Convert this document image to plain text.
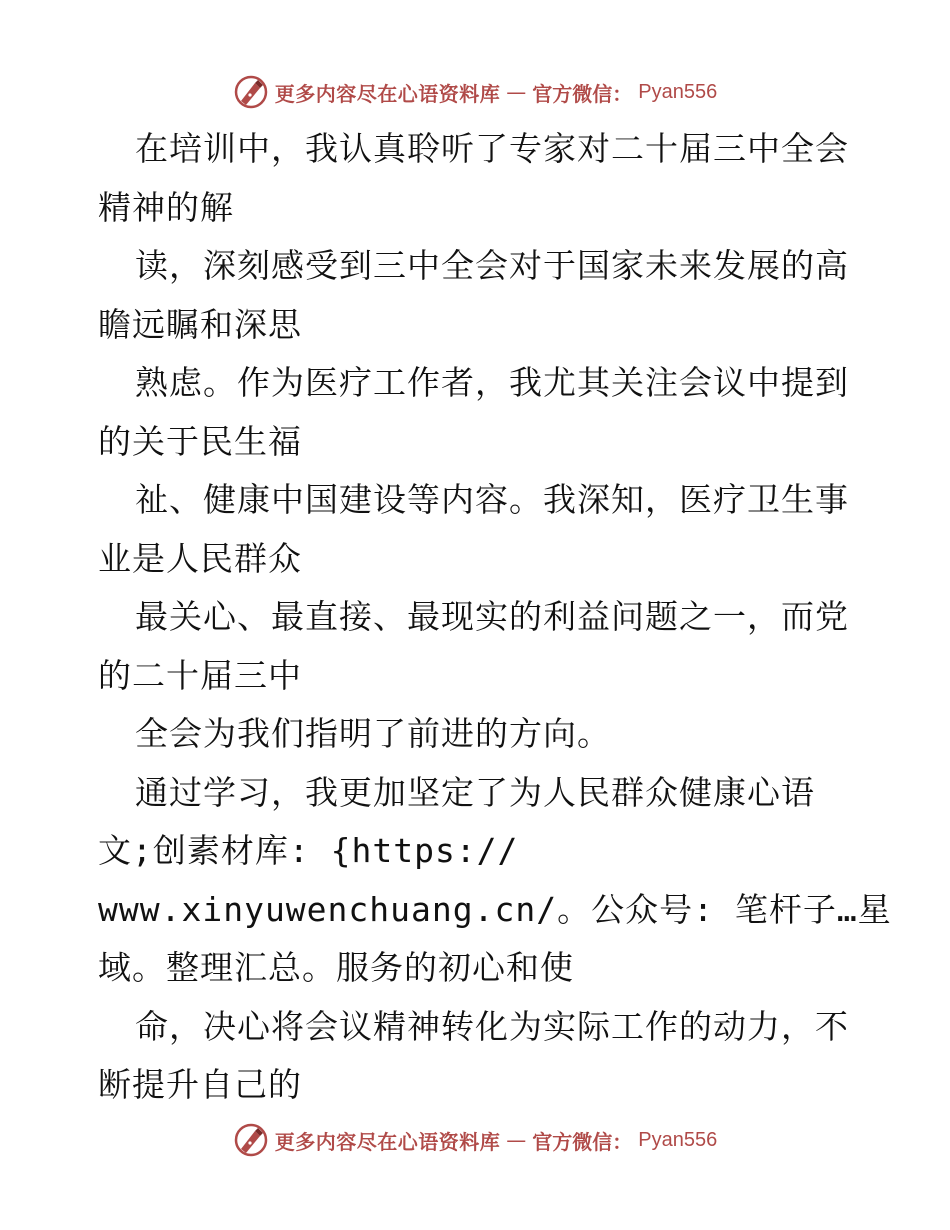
更多内容尽在心语资料库 — 官方微信： Pyan556
在培训中，我认真聆听了专家对二十届三中全会
精神的解
读，深刻感受到三中全会对于国家未来发展的高
瞻远瞩和深思
熟虑。作为医疗工作者，我尤其关注会议中提到
的关于民生福
祉、健康中国建设等内容。我深知，医疗卫生事
业是人民群众
最关心、最直接、最现实的利益问题之一，而党
的二十届三中
全会为我们指明了前进的方向。
通过学习，我更加坚定了为人民群众健康心语
文;创素材库: {https://
www.xinyuwenchuang.cn/。公众号: 笔杆子…星
域。整理汇总。服务的初心和使
命，决心将会议精神转化为实际工作的动力，不
断提升自己的
更多内容尽在心语资料库 — 官方微信： Pyan556
